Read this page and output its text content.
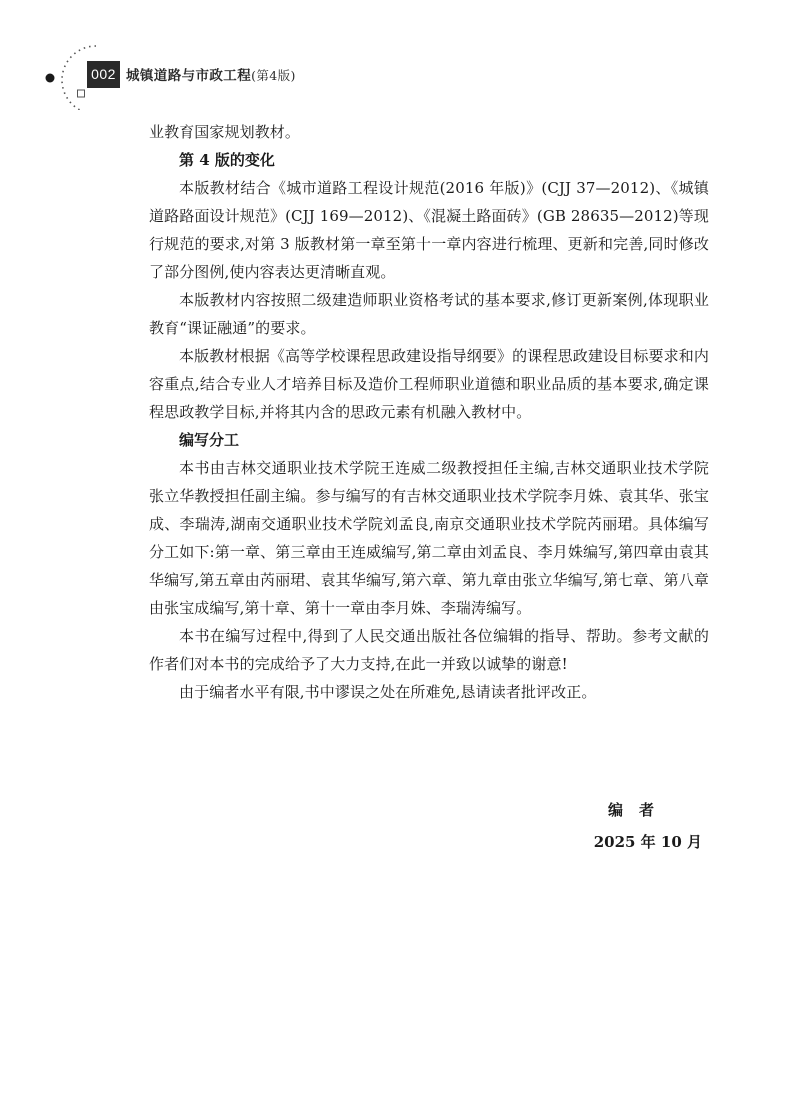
002 城镇道路与市政工程(第4版)

业教育国家规划教材。

第 4 版的变化

本版教材结合《城市道路工程设计规范(2016 年版)》(CJJ 37—2012)、《城镇道路路面设计规范》(CJJ 169—2012)、《混凝土路面砖》(GB 28635—2012)等现行规范的要求,对第 3 版教材第一章至第十一章内容进行梳理、更新和完善,同时修改了部分图例,使内容表达更清晰直观。

本版教材内容按照二级建造师职业资格考试的基本要求,修订更新案例,体现职业教育“课证融通”的要求。

本版教材根据《高等学校课程思政建设指导纲要》的课程思政建设目标要求和内容重点,结合专业人才培养目标及造价工程师职业道德和职业品质的基本要求,确定课程思政教学目标,并将其内含的思政元素有机融入教材中。

编写分工

本书由吉林交通职业技术学院王连威二级教授担任主编,吉林交通职业技术学院张立华教授担任副主编。参与编写的有吉林交通职业技术学院李月姝、袁其华、张宝成、李瑞涛,湖南交通职业技术学院刘孟良,南京交通职业技术学院芮丽珺。具体编写分工如下:第一章、第三章由王连威编写,第二章由刘孟良、李月姝编写,第四章由袁其华编写,第五章由芮丽珺、袁其华编写,第六章、第九章由张立华编写,第七章、第八章由张宝成编写,第十章、第十一章由李月姝、李瑞涛编写。

本书在编写过程中,得到了人民交通出版社各位编辑的指导、帮助。参考文献的作者们对本书的完成给予了大力支持,在此一并致以诚挚的谢意!

由于编者水平有限,书中谬误之处在所难免,恳请读者批评改正。

编者
2025 年 10 月
